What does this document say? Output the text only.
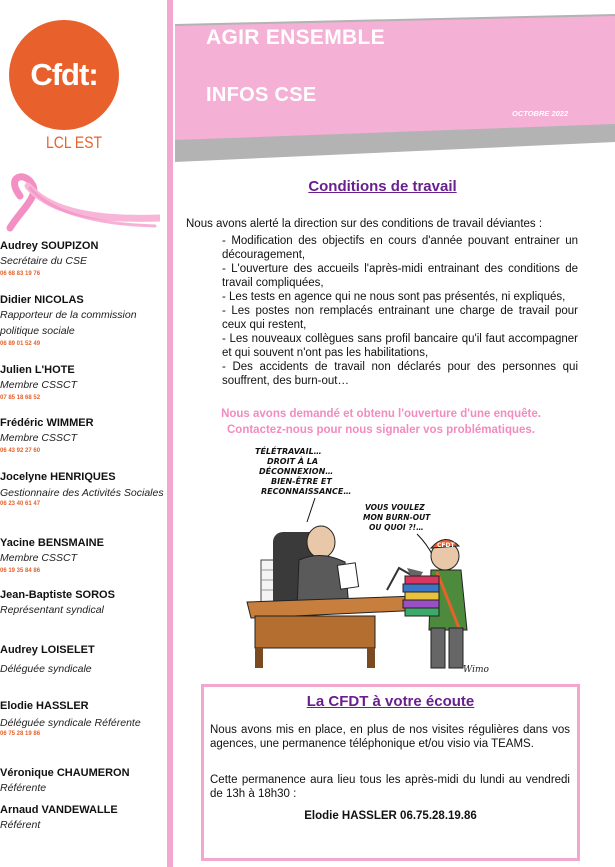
Cfdt:
LCL EST
Audrey SOUPIZON
Secrétaire du CSE
06 68 83 19 76
Didier NICOLAS
Rapporteur de la commission politique sociale
06 89 01 52 49
Julien L'HOTE
Membre CSSCT
07 85 18 68 52
Frédéric WIMMER
Membre CSSCT
06 43 92 27 60
Jocelyne HENRIQUES
Gestionnaire des Activités Sociales
06 23 40 61 47
Yacine BENSMAINE
Membre CSSCT
06 19 35 84 86
Jean-Baptiste SOROS
Représentant syndical
Audrey LOISELET
Déléguée syndicale
Elodie HASSLER
Déléguée syndicale Référente
06 75 28 19 86
Véronique CHAUMERON
Référente
Arnaud VANDEWALLE
Référent
AGIR ENSEMBLE
INFOS CSE
OCTOBRE 2022
Conditions de travail
Nous avons alerté la direction sur des conditions de travail déviantes :

- Modification des objectifs en cours d'année pouvant entrainer un découragement,

- L'ouverture des accueils l'après-midi entrainant des conditions de travail compliquées,

- Les tests en agence qui ne nous sont pas présentés, ni expliqués,

- Les postes non remplacés entrainant une charge de travail pour ceux qui restent,

- Les nouveaux collègues sans profil bancaire qu'il faut accompagner et qui souvent n'ont pas les habilitations,

- Des accidents de travail non déclarés pour des personnes qui souffrent, des burn-out…

Nous avons demandé et obtenu l'ouverture d'une enquête.
Contactez-nous pour nous signaler vos problématiques.
TÉLÉTRAVAIL…
DROIT À LA
DÉCONNEXION…
BIEN-ÊTRE ET
RECONNAISSANCE…
VOUS VOULEZ
MON BURN-OUT
OU QUOI ?!…
CFDT
Wimo
La CFDT à votre écoute
Nous avons mis en place, en plus de nos visites régulières dans vos agences, une permanence téléphonique et/ou visio via TEAMS.
Cette permanence aura lieu tous les après-midi du lundi au vendredi de 13h à 18h30 :
Elodie HASSLER 06.75.28.19.86
